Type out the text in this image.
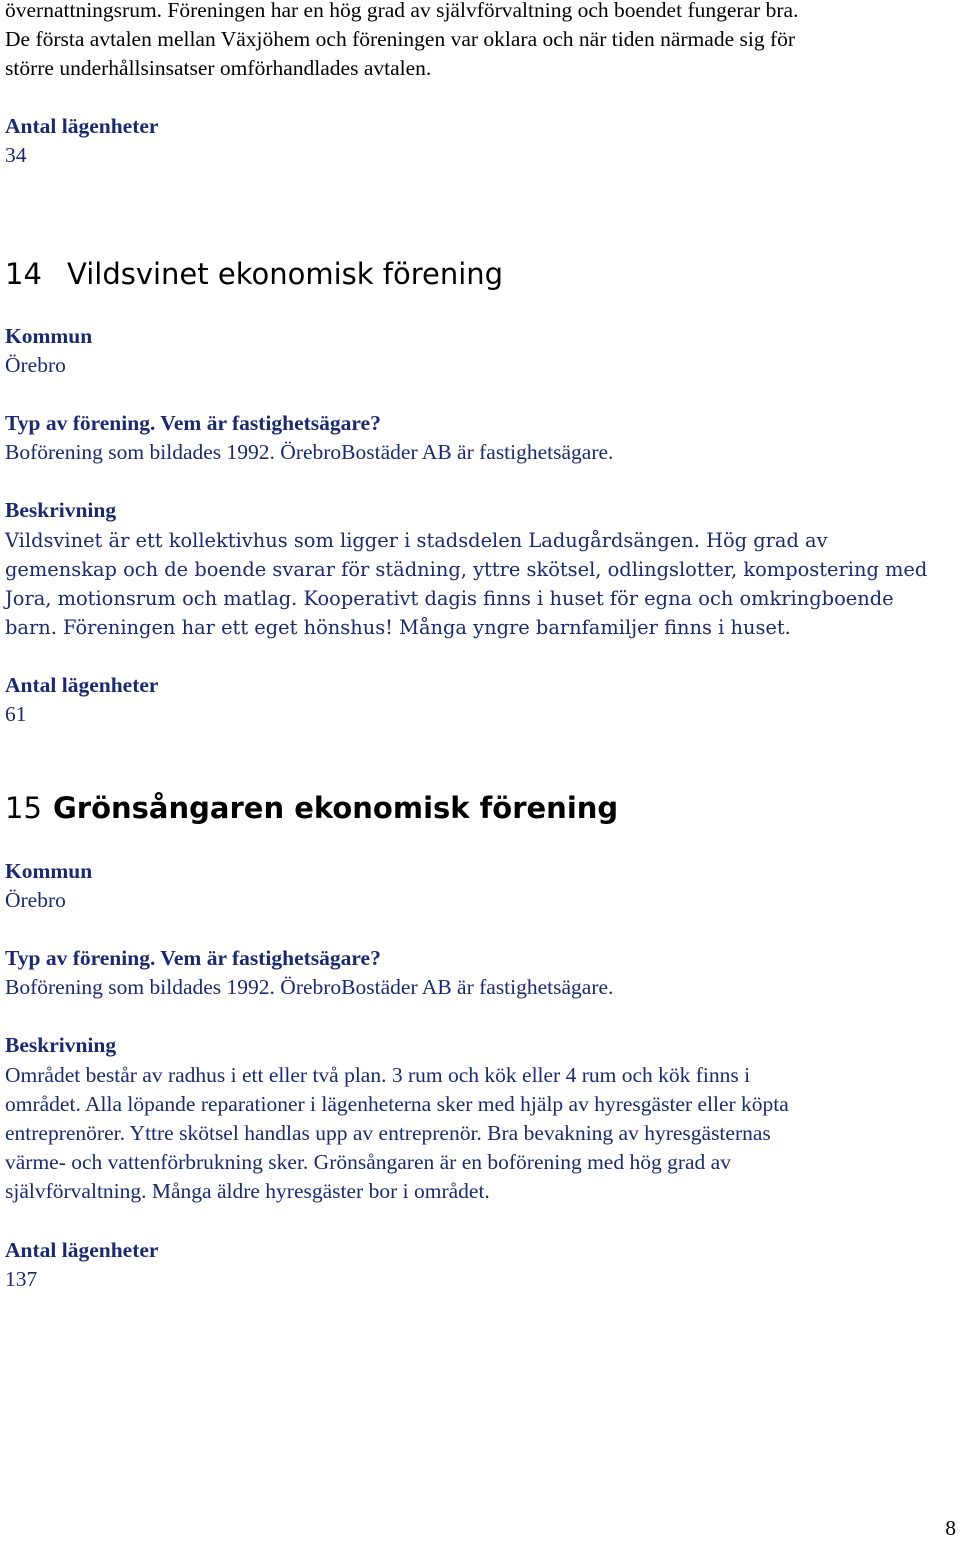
övernattningsrum. Föreningen har en hög grad av självförvaltning och boendet fungerar bra.

De första avtalen mellan Växjöhem och föreningen var oklara och när tiden närmade sig för

större underhållsinsatser omförhandlades avtalen.

Antal lägenheter

34

14 Vildsvinet ekonomisk förening

Kommun

Örebro

Typ av förening. Vem är fastighetsägare?

Boförening som bildades 1992. ÖrebroBostäder AB är fastighetsägare.

Beskrivning

Vildsvinet är ett kollektivhus som ligger i stadsdelen Ladugårdsängen. Hög grad av

gemenskap och de boende svarar för städning, yttre skötsel, odlingslotter, kompostering med

Jora, motionsrum och matlag. Kooperativt dagis finns i huset för egna och omkringboende

barn. Föreningen har ett eget hönshus! Många yngre barnfamiljer finns i huset.

Antal lägenheter

61

15 Grönsångaren ekonomisk förening

Kommun

Örebro

Typ av förening. Vem är fastighetsägare?

Boförening som bildades 1992. ÖrebroBostäder AB är fastighetsägare.

Beskrivning

Området består av radhus i ett eller två plan. 3 rum och kök eller 4 rum och kök finns i

området. Alla löpande reparationer i lägenheterna sker med hjälp av hyresgäster eller köpta

entreprenörer. Yttre skötsel handlas upp av entreprenör. Bra bevakning av hyresgästernas

värme- och vattenförbrukning sker. Grönsångaren är en boförening med hög grad av

självförvaltning. Många äldre hyresgäster bor i området.

Antal lägenheter

137

8
